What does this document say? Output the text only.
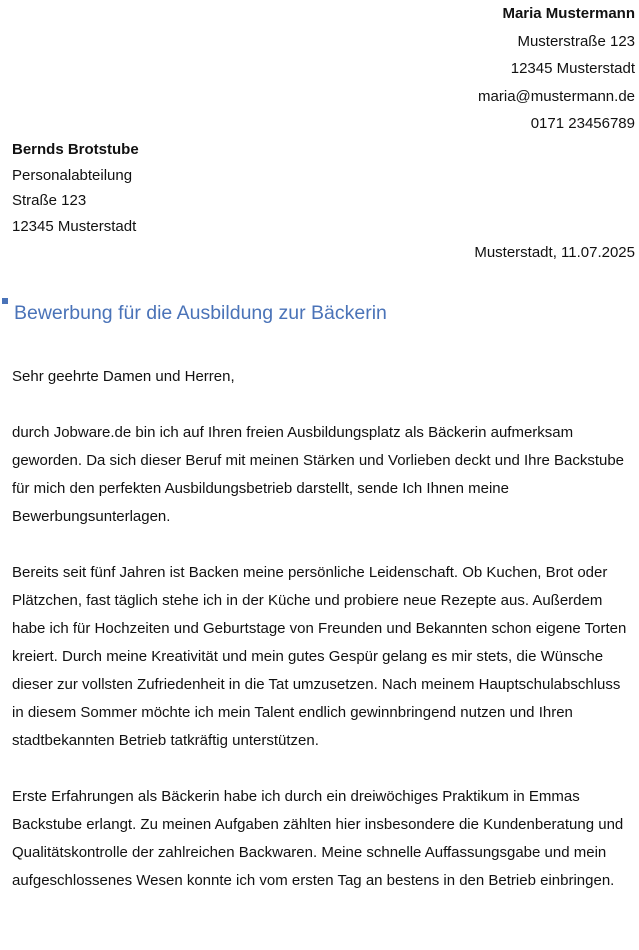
Maria Mustermann
Musterstraße 123
12345 Musterstadt
maria@mustermann.de
0171 23456789
Bernds Brotstube
Personalabteilung
Straße 123
12345 Musterstadt
Musterstadt, 11.07.2025
Bewerbung für die Ausbildung zur Bäckerin

Sehr geehrte Damen und Herren,

durch Jobware.de bin ich auf Ihren freien Ausbildungsplatz als Bäckerin aufmerksam geworden. Da sich dieser Beruf mit meinen Stärken und Vorlieben deckt und Ihre Backstube für mich den perfekten Ausbildungsbetrieb darstellt, sende Ich Ihnen meine Bewerbungsunterlagen.

Bereits seit fünf Jahren ist Backen meine persönliche Leidenschaft. Ob Kuchen, Brot oder Plätzchen, fast täglich stehe ich in der Küche und probiere neue Rezepte aus. Außerdem habe ich für Hochzeiten und Geburtstage von Freunden und Bekannten schon eigene Torten kreiert. Durch meine Kreativität und mein gutes Gespür gelang es mir stets, die Wünsche dieser zur vollsten Zufriedenheit in die Tat umzusetzen. Nach meinem Hauptschulabschluss in diesem Sommer möchte ich mein Talent endlich gewinnbringend nutzen und Ihren stadtbekannten Betrieb tatkräftig unterstützen.

Erste Erfahrungen als Bäckerin habe ich durch ein dreiwöchiges Praktikum in Emmas Backstube erlangt. Zu meinen Aufgaben zählten hier insbesondere die Kundenberatung und Qualitätskontrolle der zahlreichen Backwaren. Meine schnelle Auffassungsgabe und mein aufgeschlossenes Wesen konnte ich vom ersten Tag an bestens in den Betrieb einbringen.
